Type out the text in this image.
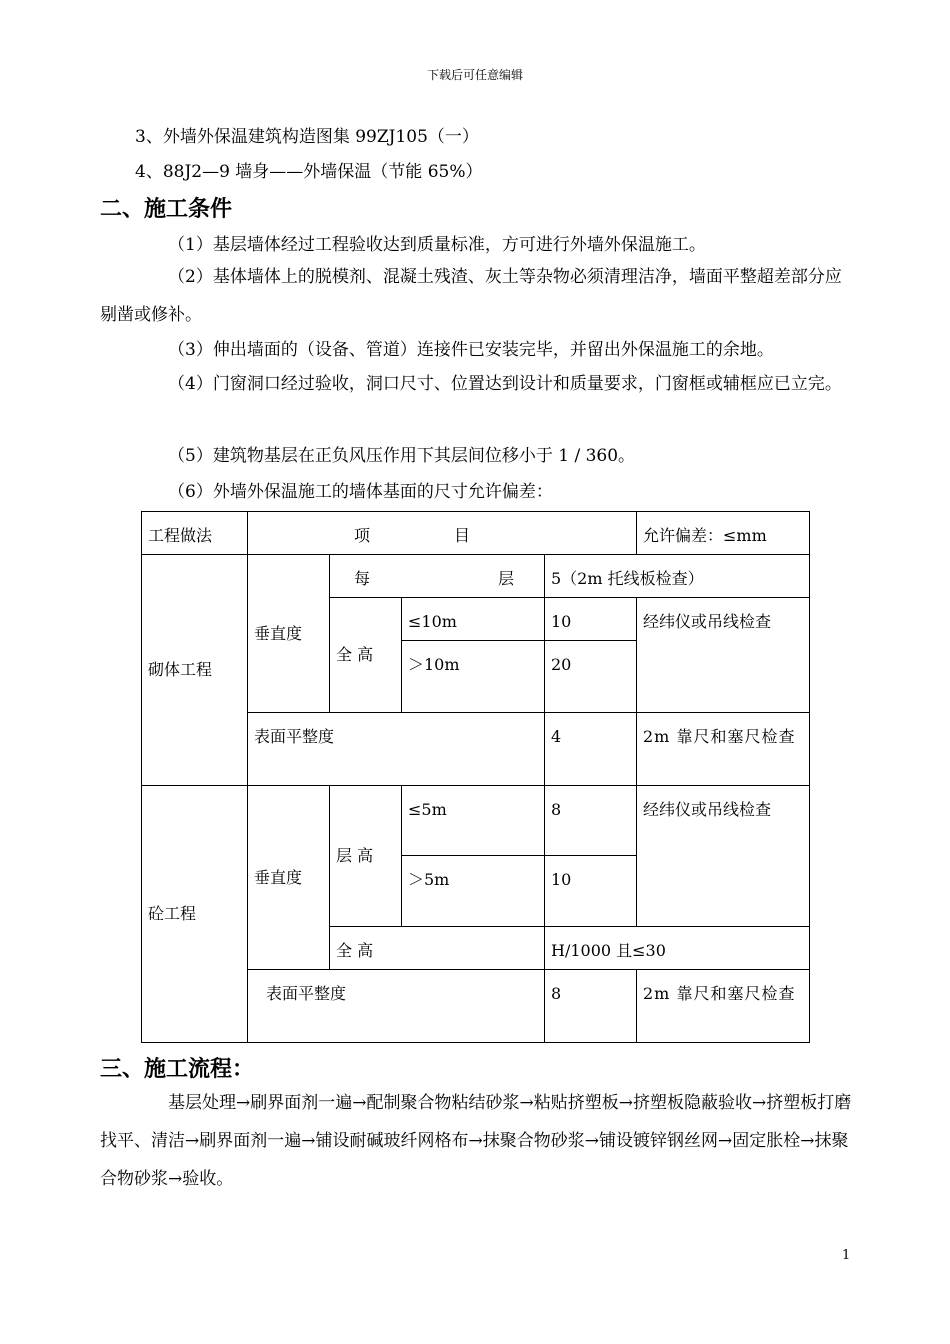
下载后可任意编辑
3、外墙外保温建筑构造图集 99ZJ105（一）
4、88J2—9 墙身——外墙保温（节能 65%）
二、施工条件
（1）基层墙体经过工程验收达到质量标准，方可进行外墙外保温施工。
（2）基体墙体上的脱模剂、混凝土残渣、灰土等杂物必须清理洁净，墙面平整超差部分应剔凿或修补。
（3）伸出墙面的（设备、管道）连接件已安装完毕，并留出外保温施工的余地。
（4）门窗洞口经过验收，洞口尺寸、位置达到设计和质量要求，门窗框或辅框应已立完。
（5）建筑物基层在正负风压作用下其层间位移小于 1 / 360。
（6）外墙外保温施工的墙体基面的尺寸允许偏差：
工程做法	项 目				允许偏差：≤mm
砌体工程	垂直度	每 层		5（2m 托线板检查）	
		全 高	≤10m	10	经纬仪或吊线检查
			＞10m	20	
	表面平整度			4	2m 靠尺和塞尺检查
砼工程	垂直度	层 高	≤5m	8	经纬仪或吊线检查
			＞5m	10	
		全 高		H/1000 且≤30	
	表面平整度			8	2m 靠尺和塞尺检查
三、施工流程：
基层处理→刷界面剂一遍→配制聚合物粘结砂浆→粘贴挤塑板→挤塑板隐蔽验收→挤塑板打磨找平、清洁→刷界面剂一遍→铺设耐碱玻纤网格布→抹聚合物砂浆→铺设镀锌钢丝网→固定胀栓→抹聚合物砂浆→验收。
1
